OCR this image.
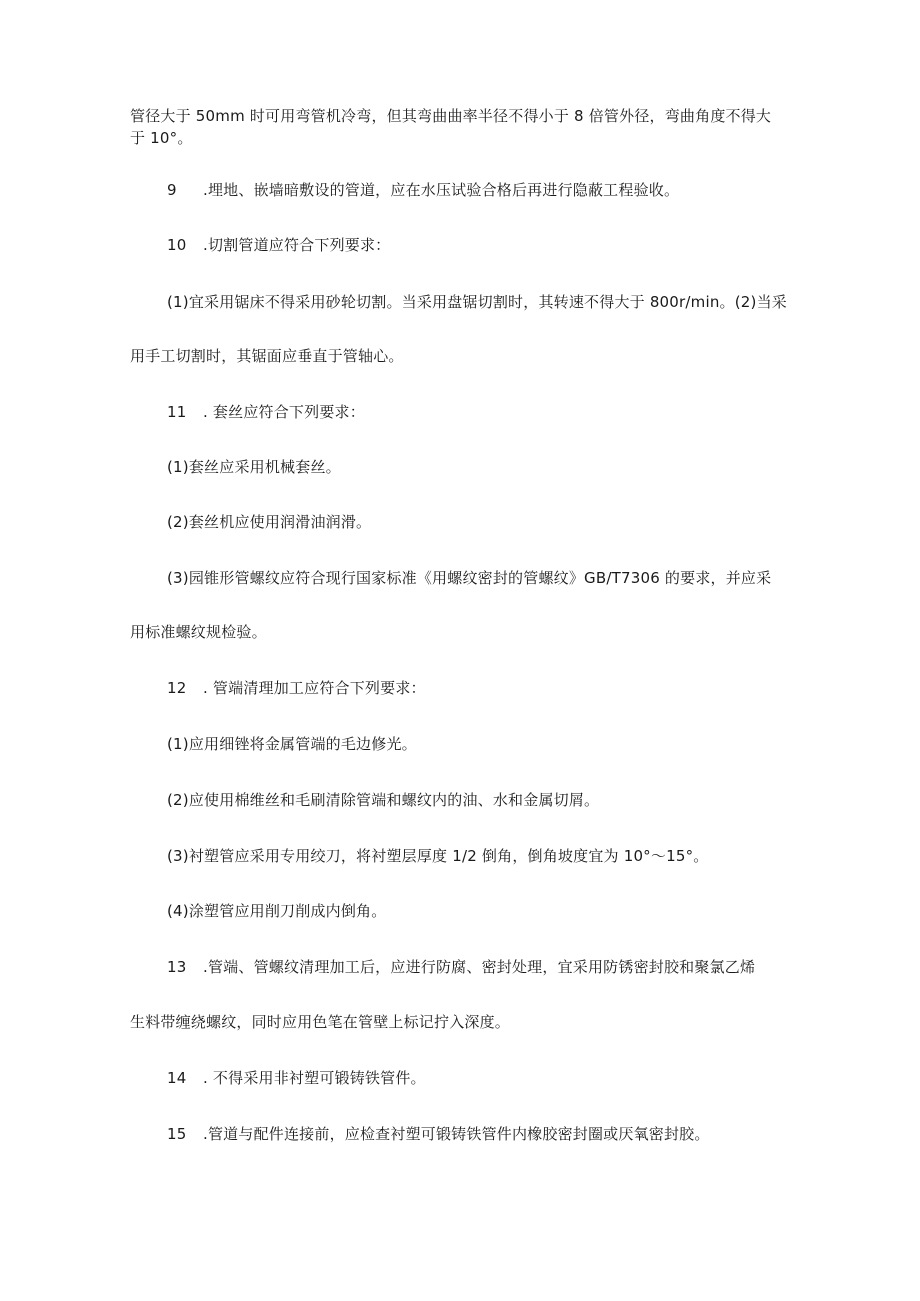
管径大于 50mm 时可用弯管机冷弯，但其弯曲曲率半径不得小于 8 倍管外径，弯曲角度不得大
于 10°。
9 .埋地、嵌墙暗敷设的管道，应在水压试验合格后再进行隐蔽工程验收。
10 .切割管道应符合下列要求：
(1)宜采用锯床不得采用砂轮切割。当采用盘锯切割时，其转速不得大于 800r/min。(2)当采
用手工切割时，其锯面应垂直于管轴心。
11 . 套丝应符合下列要求：
(1)套丝应采用机械套丝。
(2)套丝机应使用润滑油润滑。
(3)园锥形管螺纹应符合现行国家标准《用螺纹密封的管螺纹》GB/T7306 的要求，并应采
用标准螺纹规检验。
12 . 管端清理加工应符合下列要求：
(1)应用细锉将金属管端的毛边修光。
(2)应使用棉维丝和毛刷清除管端和螺纹内的油、水和金属切屑。
(3)衬塑管应采用专用绞刀，将衬塑层厚度 1/2 倒角，倒角坡度宜为 10°～15°。
(4)涂塑管应用削刀削成内倒角。
13 .管端、管螺纹清理加工后，应进行防腐、密封处理，宜采用防锈密封胶和聚氯乙烯
生料带缠绕螺纹，同时应用色笔在管壁上标记拧入深度。
14 . 不得采用非衬塑可锻铸铁管件。
15 .管道与配件连接前，应检查衬塑可锻铸铁管件内橡胶密封圈或厌氧密封胶。
